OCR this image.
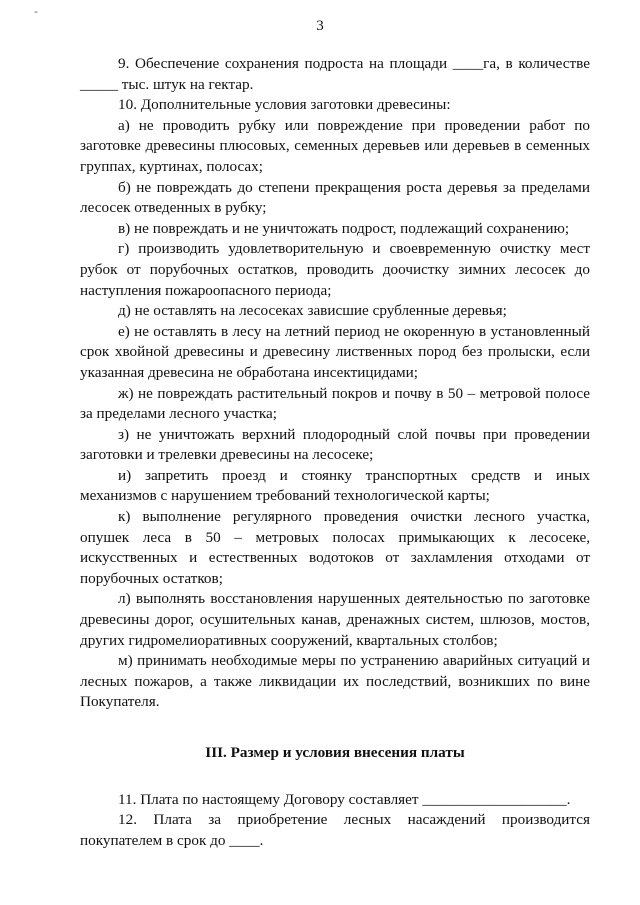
-
3

9. Обеспечение сохранения подроста на площади ____га, в количестве _____ тыс. штук на гектар.

10. Дополнительные условия заготовки древесины:

а) не проводить рубку или повреждение при проведении работ по заготовке древесины плюсовых, семенных деревьев или деревьев в семенных группах, куртинах, полосах;

б) не повреждать до степени прекращения роста деревья за пределами лесосек отведенных в рубку;

в) не повреждать и не уничтожать подрост, подлежащий сохранению;

г) производить удовлетворительную и своевременную очистку мест рубок от порубочных остатков, проводить доочистку зимних лесосек до наступления пожароопасного периода;

д) не оставлять на лесосеках зависшие срубленные деревья;

е) не оставлять в лесу на летний период не окоренную в установленный срок хвойной древесины и древесину лиственных пород без пролыски, если указанная древесина не обработана инсектицидами;

ж) не повреждать растительный покров и почву в 50 – метровой полосе за пределами лесного участка;

з) не уничтожать верхний плодородный слой почвы при проведении заготовки и трелевки древесины на лесосеке;

и) запретить проезд и стоянку транспортных средств и иных механизмов с нарушением требований технологической карты;

к) выполнение регулярного проведения очистки лесного участка, опушек леса в 50 – метровых полосах примыкающих к лесосеке, искусственных и естественных водотоков от захламления отходами от порубочных остатков;

л) выполнять восстановления нарушенных деятельностью по заготовке древесины дорог, осушительных канав, дренажных систем, шлюзов, мостов, других гидромелиоративных сооружений, квартальных столбов;

м) принимать необходимые меры по устранению аварийных ситуаций и лесных пожаров, а также ликвидации их последствий, возникших по вине Покупателя.

III. Размер и условия внесения платы

11. Плата по настоящему Договору составляет ___________________.

12. Плата за приобретение лесных насаждений производится покупателем в срок до ____.
